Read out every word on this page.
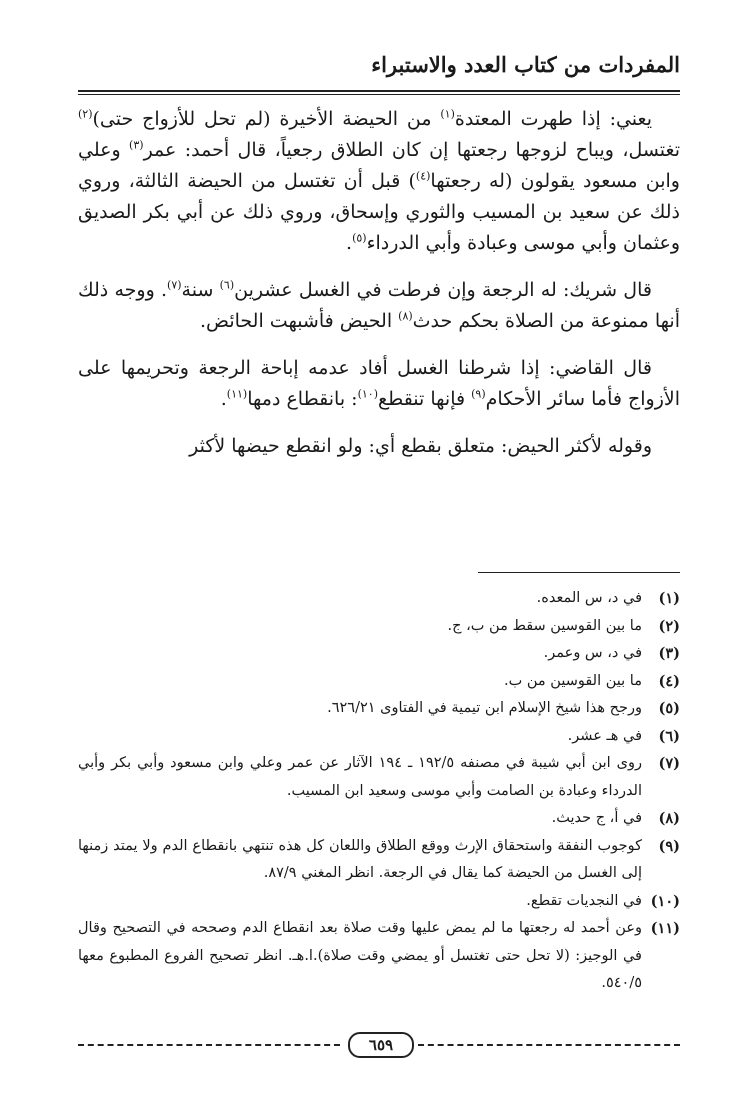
المفردات من كتاب العدد والاستبراء

يعني: إذا طهرت المعتدة$^{(١)}$ من الحيضة الأخيرة (لم تحل للأزواج حتى)$^{(٢)}$ تغتسل، ويباح لزوجها رجعتها إن كان الطلاق رجعياً، قال أحمد: عمر$^{(٣)}$ وعلي وابن مسعود يقولون (له رجعتها$^{(٤)}$) قبل أن تغتسل من الحيضة الثالثة، وروي ذلك عن سعيد بن المسيب والثوري وإسحاق، وروي ذلك عن أبي بكر الصديق وعثمان وأبي موسى وعبادة وأبي الدرداء$^{(٥)}$.

قال شريك: له الرجعة وإن فرطت في الغسل عشرين$^{(٦)}$ سنة$^{(٧)}$. ووجه ذلك أنها ممنوعة من الصلاة بحكم حدث$^{(٨)}$ الحيض فأشبهت الحائض.

قال القاضي: إذا شرطنا الغسل أفاد عدمه إباحة الرجعة وتحريمها على الأزواج فأما سائر الأحكام$^{(٩)}$ فإنها تنقطع$^{(١٠)}$: بانقطاع دمها$^{(١١)}$.

وقوله لأكثر الحيض: متعلق بقطع أي: ولو انقطع حيضها لأكثر

(١)
في د، س المعده.
(٢)
ما بين القوسين سقط من ب، ج.
(٣)
في د، س وعمر.
(٤)
ما بين القوسين من ب.
(٥)
ورجح هذا شيخ الإسلام ابن تيمية في الفتاوى ٦٢٦/٢١.
(٦)
في هـ عشر.
(٧)
روى ابن أبي شيبة في مصنفه ١٩٢/٥ ـ ١٩٤ الآثار عن عمر وعلي وابن مسعود وأبي بكر وأبي الدرداء وعبادة بن الصامت وأبي موسى وسعيد ابن المسيب.
(٨)
في أ، ج حديث.
(٩)
كوجوب النفقة واستحقاق الإرث ووقع الطلاق واللعان كل هذه تنتهي بانقطاع الدم ولا يمتد زمنها إلى الغسل من الحيضة كما يقال في الرجعة. انظر المغني ٨٧/٩.
(١٠)
في النجديات تقطع.
(١١)
وعن أحمد له رجعتها ما لم يمض عليها وقت صلاة بعد انقطاع الدم وصححه في التصحيح وقال في الوجيز: (لا تحل حتى تغتسل أو يمضي وقت صلاة).ا.هـ. انظر تصحيح الفروع المطبوع معها ٥٤٠/٥.
٦٥٩
